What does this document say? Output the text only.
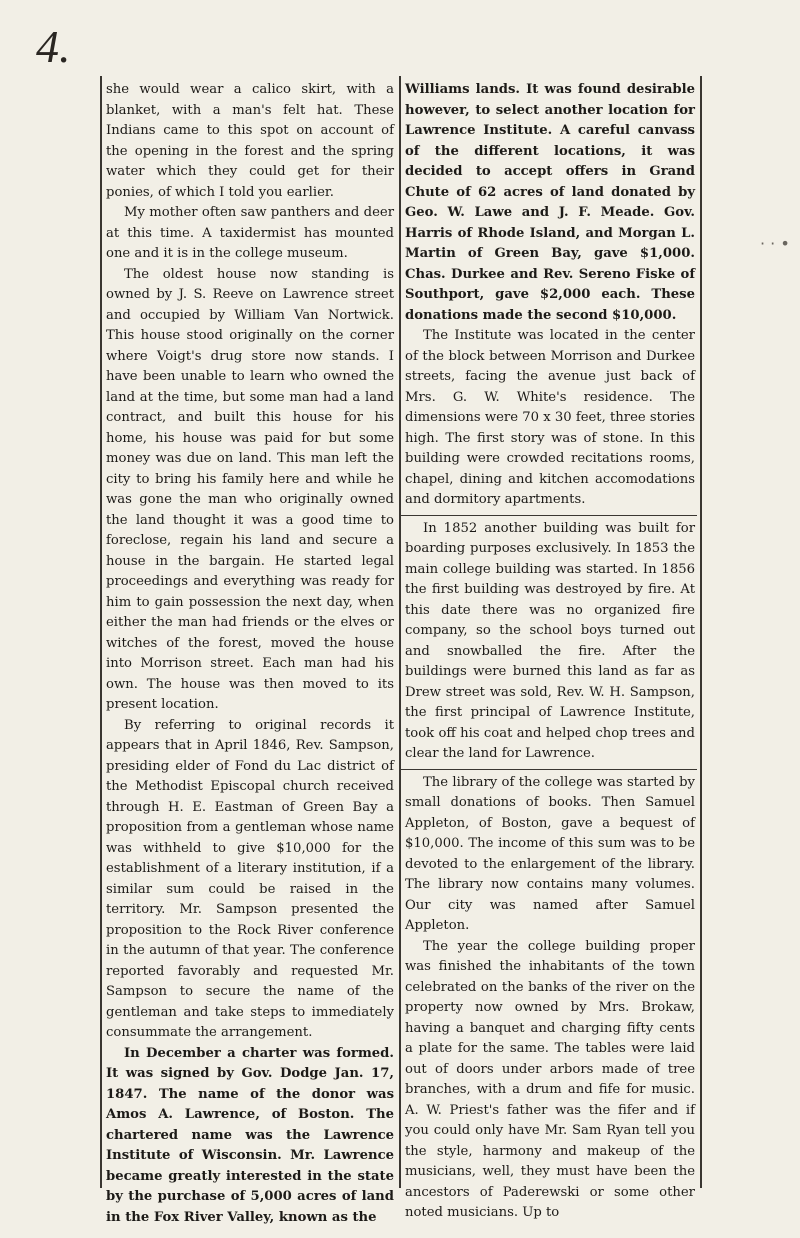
4.
· · •

she would wear a calico skirt, with a blanket, with a man's felt hat. These Indians came to this spot on account of the opening in the forest and the spring water which they could get for their ponies, of which I told you earlier.

My mother often saw panthers and deer at this time. A taxidermist has mounted one and it is in the college museum.

The oldest house now standing is owned by J. S. Reeve on Lawrence street and occupied by William Van Nortwick. This house stood originally on the corner where Voigt's drug store now stands. I have been unable to learn who owned the land at the time, but some man had a land contract, and built this house for his home, his house was paid for but some money was due on land. This man left the city to bring his family here and while he was gone the man who originally owned the land thought it was a good time to foreclose, regain his land and secure a house in the bargain. He started legal proceedings and everything was ready for him to gain possession the next day, when either the man had friends or the elves or witches of the forest, moved the house into Morrison street. Each man had his own. The house was then moved to its present location.

By referring to original records it appears that in April 1846, Rev. Sampson, presiding elder of Fond du Lac district of the Methodist Episcopal church received through H. E. Eastman of Green Bay a proposition from a gentleman whose name was withheld to give $10,000 for the establishment of a literary institution, if a similar sum could be raised in the territory. Mr. Sampson presented the proposition to the Rock River conference in the autumn of that year. The conference reported favorably and requested Mr. Sampson to secure the name of the gentleman and take steps to immediately consummate the arrangement.

In December a charter was formed. It was signed by Gov. Dodge Jan. 17, 1847. The name of the donor was Amos A. Lawrence, of Boston. The chartered name was the Lawrence Institute of Wisconsin. Mr. Lawrence became greatly interested in the state by the purchase of 5,000 acres of land in the Fox River Valley, known as the

Williams lands. It was found desirable however, to select another location for Lawrence Institute. A careful canvass of the different locations, it was decided to accept offers in Grand Chute of 62 acres of land donated by Geo. W. Lawe and J. F. Meade. Gov. Harris of Rhode Island, and Morgan L. Martin of Green Bay, gave $1,000. Chas. Durkee and Rev. Sereno Fiske of Southport, gave $2,000 each. These donations made the second $10,000.

The Institute was located in the center of the block between Morrison and Durkee streets, facing the avenue just back of Mrs. G. W. White's residence. The dimensions were 70 x 30 feet, three stories high. The first story was of stone. In this building were crowded recitations rooms, chapel, dining and kitchen accomodations and dormitory apartments.

In 1852 another building was built for boarding purposes exclusively. In 1853 the main college building was started. In 1856 the first building was destroyed by fire. At this date there was no organized fire company, so the school boys turned out and snowballed the fire. After the buildings were burned this land as far as Drew street was sold, Rev. W. H. Sampson, the first principal of Lawrence Institute, took off his coat and helped chop trees and clear the land for Lawrence.

The library of the college was started by small donations of books. Then Samuel Appleton, of Boston, gave a bequest of $10,000. The income of this sum was to be devoted to the enlargement of the library. The library now contains many volumes. Our city was named after Samuel Appleton.

The year the college building proper was finished the inhabitants of the town celebrated on the banks of the river on the property now owned by Mrs. Brokaw, having a banquet and charging fifty cents a plate for the same. The tables were laid out of doors under arbors made of tree branches, with a drum and fife for music. A. W. Priest's father was the fifer and if you could only have Mr. Sam Ryan tell you the style, harmony and makeup of the musicians, well, they must have been the ancestors of Paderewski or some other noted musicians. Up to
